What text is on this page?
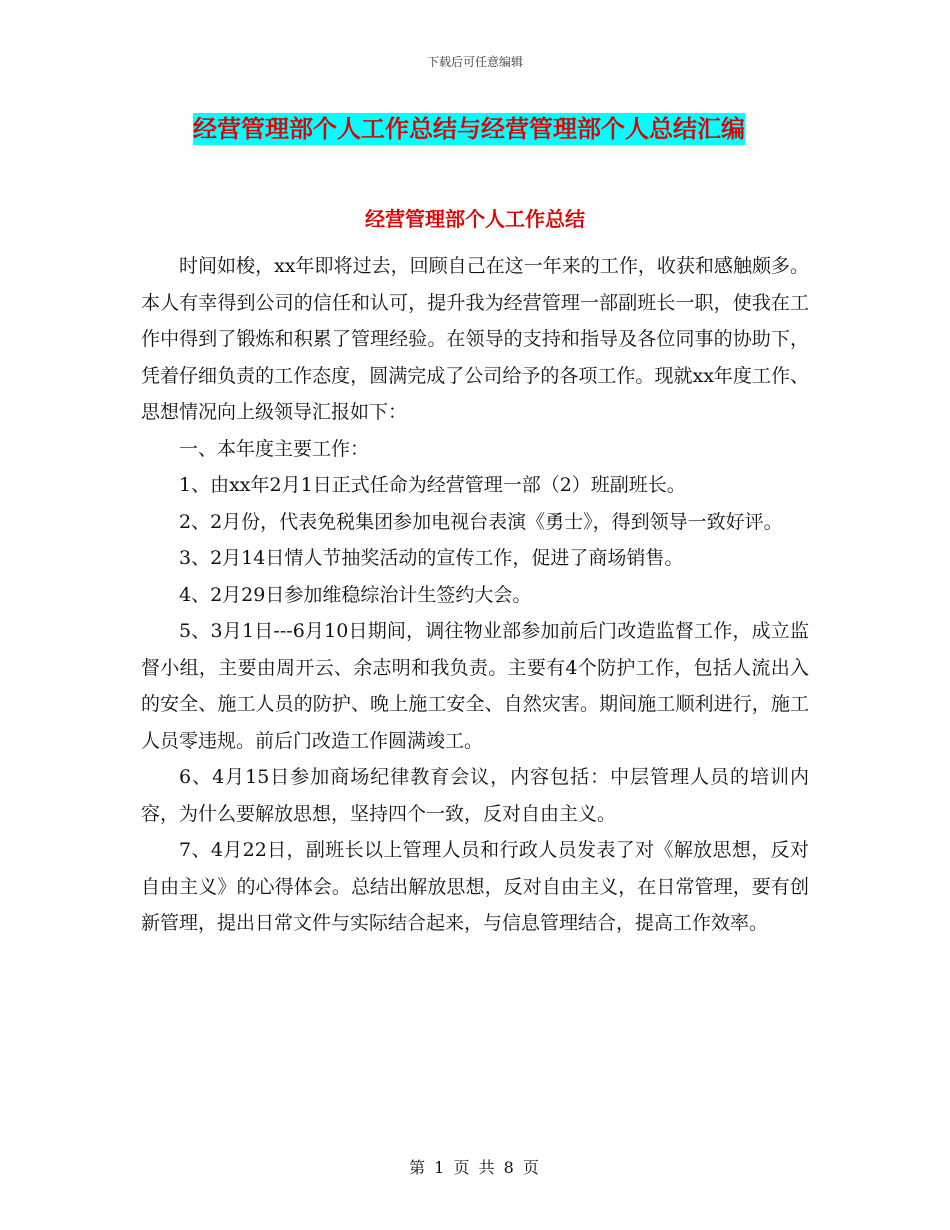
下载后可任意编辑
经营管理部个人工作总结与经营管理部个人总结汇编
经营管理部个人工作总结

时间如梭，xx年即将过去，回顾自己在这一年来的工作，收获和感触颇多。本人有幸得到公司的信任和认可，提升我为经营管理一部副班长一职，使我在工作中得到了锻炼和积累了管理经验。在领导的支持和指导及各位同事的协助下，凭着仔细负责的工作态度，圆满完成了公司给予的各项工作。现就xx年度工作、思想情况向上级领导汇报如下：

一、本年度主要工作：

1、由xx年2月1日正式任命为经营管理一部（2）班副班长。

2、2月份，代表免税集团参加电视台表演《勇士》，得到领导一致好评。

3、2月14日情人节抽奖活动的宣传工作，促进了商场销售。

4、2月29日参加维稳综治计生签约大会。

5、3月1日---6月10日期间，调往物业部参加前后门改造监督工作，成立监督小组，主要由周开云、余志明和我负责。主要有4个防护工作，包括人流出入的安全、施工人员的防护、晚上施工安全、自然灾害。期间施工顺利进行，施工人员零违规。前后门改造工作圆满竣工。

6、4月15日参加商场纪律教育会议，内容包括：中层管理人员的培训内容，为什么要解放思想，坚持四个一致，反对自由主义。

7、4月22日，副班长以上管理人员和行政人员发表了对《解放思想，反对自由主义》的心得体会。总结出解放思想，反对自由主义，在日常管理，要有创新管理，提出日常文件与实际结合起来，与信息管理结合，提高工作效率。

第 1 页 共 8 页
